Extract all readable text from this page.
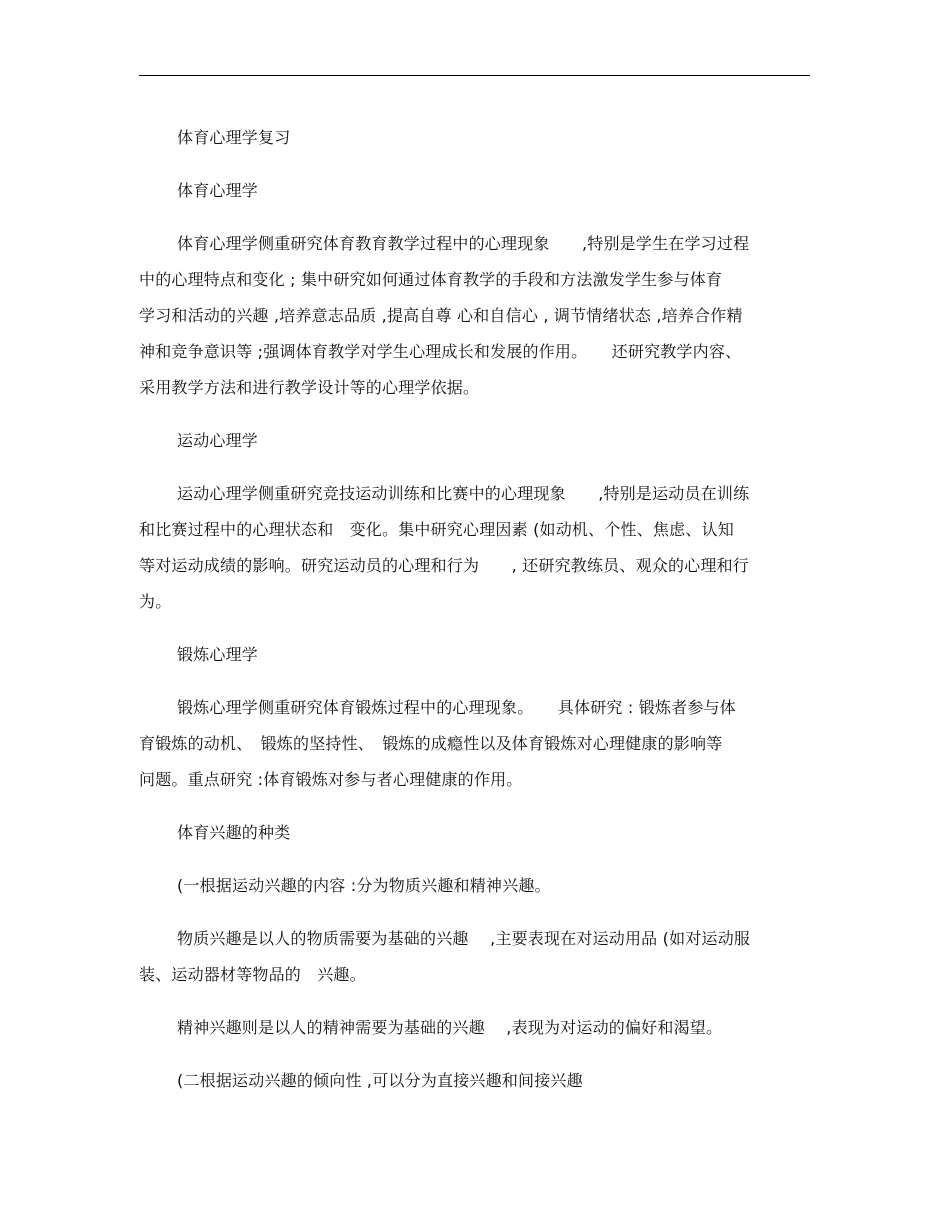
体育心理学复习
体育心理学
体育心理学侧重研究体育教育教学过程中的心理现象　　,特别是学生在学习过程
中的心理特点和变化 ; 集中研究如何通过体育教学的手段和方法激发学生参与体育
学习和活动的兴趣 ,培养意志品质 ,提高自尊 心和自信心 , 调节情绪状态 ,培养合作精
神和竞争意识等 ;强调体育教学对学生心理成长和发展的作用。　　还研究教学内容、
采用教学方法和进行教学设计等的心理学依据。
运动心理学
运动心理学侧重研究竞技运动训练和比赛中的心理现象　　,特别是运动员在训练
和比赛过程中的心理状态和　变化。集中研究心理因素 (如动机、个性、焦虑、认知
等对运动成绩的影响。研究运动员的心理和行为　　, 还研究教练员、观众的心理和行
为。
锻炼心理学
锻炼心理学侧重研究体育锻炼过程中的心理现象。　　具体研究 : 锻炼者参与体
育锻炼的动机、　锻炼的坚持性、　锻炼的成瘾性以及体育锻炼对心理健康的影响等
问题。重点研究 :体育锻炼对参与者心理健康的作用。
体育兴趣的种类
(一根据运动兴趣的内容 :分为物质兴趣和精神兴趣。
物质兴趣是以人的物质需要为基础的兴趣　 ,主要表现在对运动用品 (如对运动服
装、运动器材等物品的　兴趣。
精神兴趣则是以人的精神需要为基础的兴趣　 ,表现为对运动的偏好和渴望。
(二根据运动兴趣的倾向性 ,可以分为直接兴趣和间接兴趣
